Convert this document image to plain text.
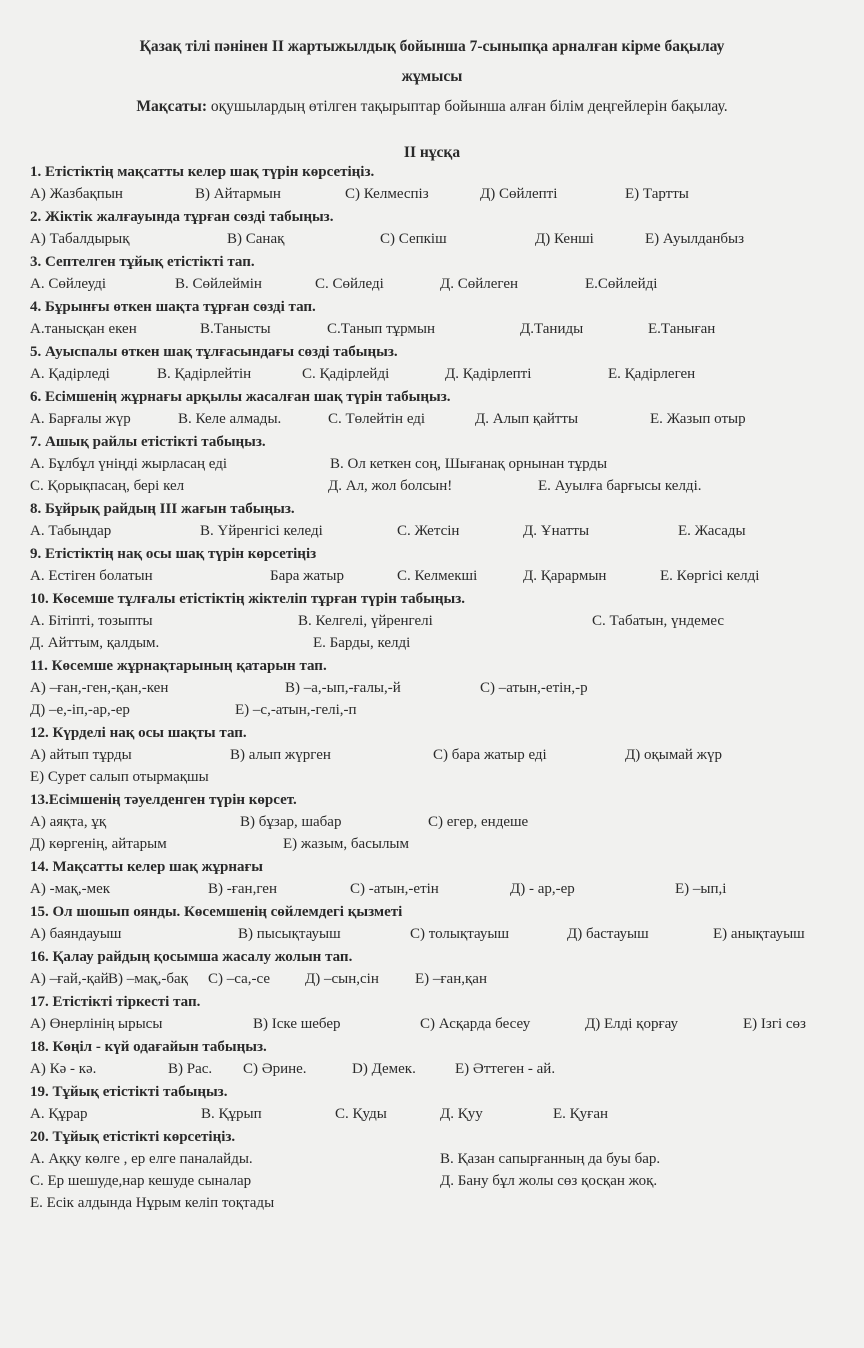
Қазақ тілі пәнінен ІІ жартыжылдық бойынша 7-сыныпқа арналған кірме бақылау
жұмысы
Мақсаты: оқушылардың өтілген тақырыптар бойынша алған білім деңгейлерін бақылау.
ІІ нұсқа
1. Етістіктің мақсатты келер шақ түрін көрсетіңіз.
А) Жазбақпын	В) Айтармын	С) Келмеспіз	Д) Сөйлепті	Е) Тартты
2. Жіктік жалғауында тұрған сөзді табыңыз.
А) Табалдырық	В) Санақ	С) Сепкіш	Д) Кенші	Е) Ауылданбыз
3. Септелген тұйық етістікті тап.
А. Сөйлеуді	В. Сөйлеймін	С. Сөйледі	Д. Сөйлеген	Е.Сөйлейді
4. Бұрынғы өткен шақта тұрған сөзді тап.
А.танысқан екен	В.Танысты	С.Танып тұрмын	Д.Таниды	Е.Таныған
5. Ауыспалы өткен шақ тұлғасындағы сөзді табыңыз.
А. Қадірледі	В. Қадірлейтін	С. Қадірлейді	Д. Қадірлепті	Е. Қадірлеген
6. Есімшенің жұрнағы арқылы жасалған шақ түрін табыңыз.
А. Барғалы жүр	В. Келе алмады.	С. Төлейтін еді	Д. Алып қайтты	Е. Жазып отыр
7. Ашық райлы етістікті табыңыз.
А. Бұлбұл үніңді жырласаң еді	В. Ол кеткен соң, Шығанақ орнынан тұрды
С. Қорықпасаң, бері кел	Д. Ал, жол болсын!	Е. Ауылға барғысы келді.
8. Бұйрық райдың ІІІ жағын табыңыз.
А. Табыңдар	В. Үйренгісі келеді	С. Жетсін	Д. Ұнатты	Е. Жасады
9. Етістіктің нақ осы шақ түрін көрсетіңіз
А. Естіген болатын	Бара жатыр	С. Келмекші	Д. Қарармын	Е. Көргісі келді
10. Көсемше тұлғалы етістіктің жіктеліп тұрған түрін табыңыз.
А. Бітіпті, тозыпты	В. Келгелі, үйренгелі	С. Табатын, үндемес
Д. Айттым, қалдым.	Е. Барды, келді
11. Көсемше жұрнақтарының қатарын тап.
А) –ған,-ген,-қан,-кен	В) –а,-ып,-ғалы,-й	С) –атын,-етін,-р
Д) –е,-іп,-ар,-ер	Е) –с,-атын,-гелі,-п
12. Күрделі нақ осы шақты тап.
А) айтып тұрды	В) алып жүрген	С) бара жатыр еді	Д) оқымай жүр
Е) Сурет салып отырмақшы
13.Есімшенің тәуелденген түрін көрсет.
А) аяқта, ұқ	В) бұзар, шабар	С) егер, ендеше
Д) көргенің, айтарым	Е) жазым, басылым
14. Мақсатты келер шақ жұрнағы
А) -мақ,-мек	В) -ған,ген	С) -атын,-етін	Д) - ар,-ер	Е) –ып,і
15. Ол шошып оянды. Көсемшенің сөйлемдегі қызметі
А) баяндауыш	В) пысықтауыш	С) толықтауыш	Д) бастауыш	Е) анықтауыш
16. Қалау райдың қосымша жасалу жолын тап.
А) –ғай,-қай В) –мақ,-бақ С) –са,-се Д) –сын,сін Е) –ған,қан
17. Етістікті тіркесті тап.
А) Өнерлінің ырысы	В) Іске шебер	С) Асқарда бесеу	Д) Елді қорғау	Е) Ізгі сөз
18. Көңіл - күй одағайын табыңыз.
А) Кә - кә.	В) Рас. С) Әрине.	D) Демек.	Е) Әттеген - ай.
19. Тұйық етістікті табыңыз.
А. Құрар	В. Құрып	С. Қуды	Д. Қуу	Е. Қуған
20. Тұйық етістікті көрсетіңіз.
А. Аққу көлге , ер елге паналайды.	В. Қазан сапырғанның да буы бар.
С. Ер шешуде,нар кешуде сыналар	Д. Бану бұл жолы сөз қосқан жоқ.
Е. Есік алдында Нұрым келіп тоқтады
